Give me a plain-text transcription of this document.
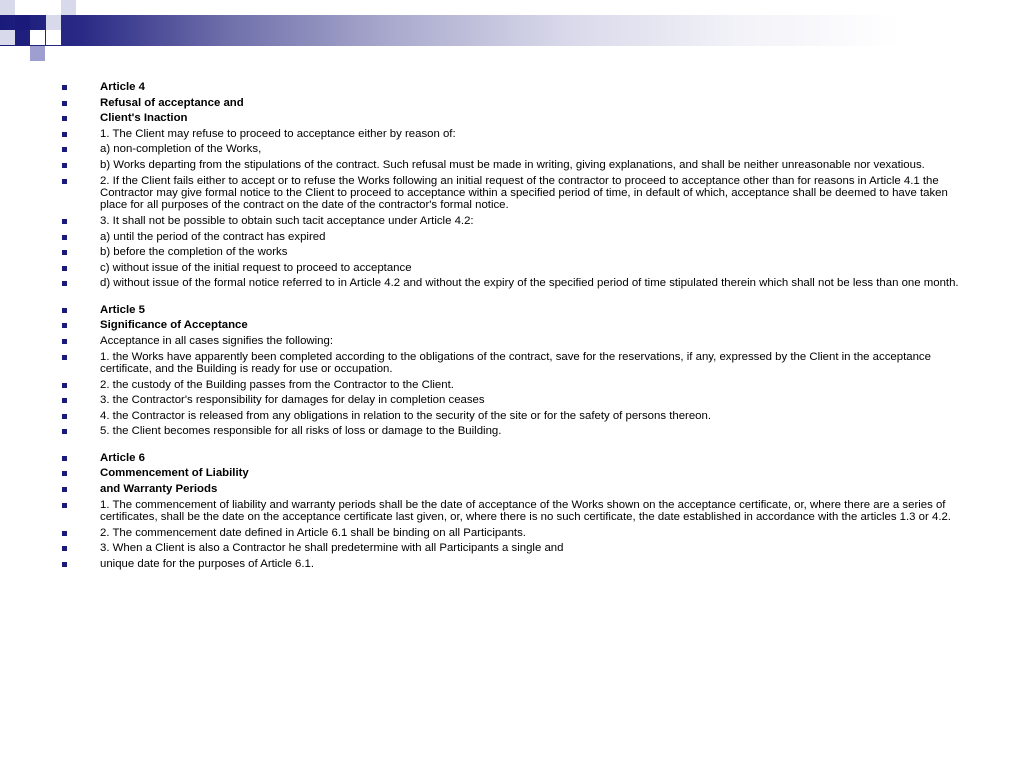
Article 4
Refusal of acceptance and
Client's Inaction
1. The Client may refuse to proceed to acceptance either by reason of:
a) non-completion of the Works,
b) Works departing from the stipulations of the contract. Such refusal must be made in writing, giving explanations, and shall be neither unreasonable nor vexatious.
2. If the Client fails either to accept or to refuse the Works following an initial request of the contractor to proceed to acceptance other than for reasons in Article 4.1 the Contractor may give formal notice to the Client to proceed to acceptance within a specified period of time, in default of which, acceptance shall be deemed to have taken place for all purposes of the contract on the date of the contractor's formal notice.
3. It shall not be possible to obtain such tacit acceptance under Article 4.2:
a) until the period of the contract has expired
b) before the completion of the works
c) without issue of the initial request to proceed to acceptance
d) without issue of the formal notice referred to in Article 4.2 and without the expiry of the specified period of time stipulated therein which shall not be less than one month.
Article 5
Significance of Acceptance
Acceptance in all cases signifies the following:
1. the Works have apparently been completed according to the obligations of the contract, save for the reservations, if any, expressed by the Client in the acceptance certificate, and the Building is ready for use or occupation.
2. the custody of the Building passes from the Contractor to the Client.
3. the Contractor's responsibility for damages for delay in completion ceases
4. the Contractor is released from any obligations in relation to the security of the site or for the safety of persons thereon.
5. the Client becomes responsible for all risks of loss or damage to the Building.
Article 6
Commencement of Liability
and Warranty Periods
1. The commencement of liability and warranty periods shall be the date of acceptance of the Works shown on the acceptance certificate, or, where there are a series of certificates, shall be the date on the acceptance certificate last given, or, where there is no such certificate, the date established in accordance with the articles 1.3 or 4.2.
2. The commencement date defined in Article 6.1 shall be binding on all Participants.
3. When a Client is also a Contractor he shall predetermine with all Participants a single and
unique date for the purposes of Article 6.1.
